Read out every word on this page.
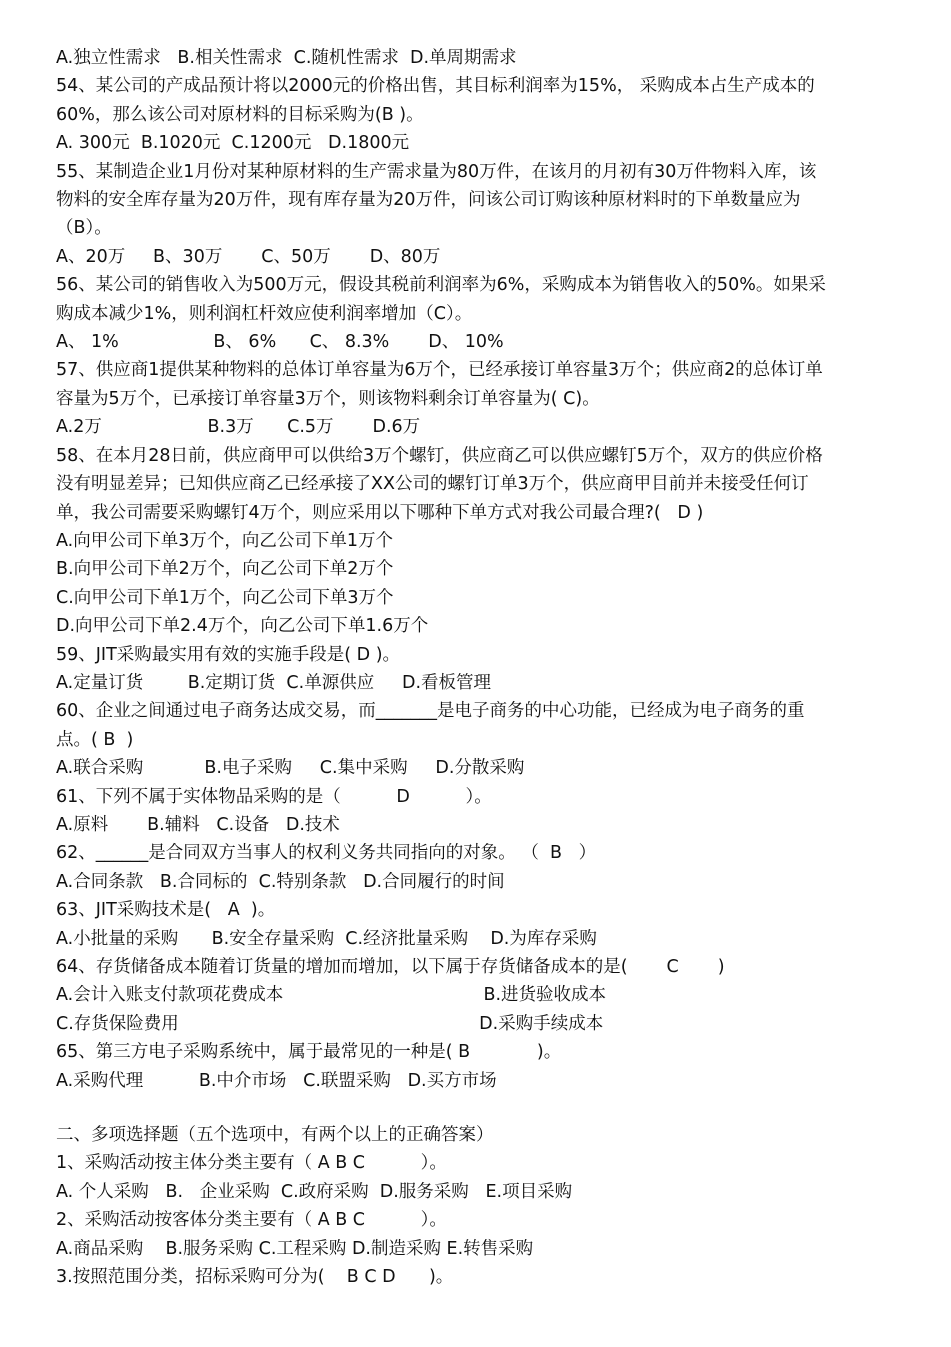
A.独立性需求   B.相关性需求  C.随机性需求  D.单周期需求

54、某公司的产成品预计将以2000元的价格出售，其目标利润率为15%， 采购成本占生产成本的

60%，那么该公司对原材料的目标采购为(B )。

A. 300元  B.1020元  C.1200元   D.1800元

55、某制造企业1月份对某种原材料的生产需求量为80万件，在该月的月初有30万件物料入库，该

物料的安全库存量为20万件，现有库存量为20万件，问该公司订购该种原材料时的下单数量应为

（B）。

A、20万     B、30万       C、50万       D、80万

56、某公司的销售收入为500万元，假设其税前利润率为6%，采购成本为销售收入的50%。如果采

购成本减少1%，则利润杠杆效应使利润率增加（C）。

A、 1%                 B、 6%      C、 8.3%       D、 10%

57、供应商1提供某种物料的总体订单容量为6万个，已经承接订单容量3万个；供应商2的总体订单

容量为5万个，已承接订单容量3万个，则该物料剩余订单容量为( C)。

A.2万                   B.3万      C.5万       D.6万

58、在本月28日前，供应商甲可以供给3万个螺钉，供应商乙可以供应螺钉5万个，双方的供应价格

没有明显差异；已知供应商乙已经承接了XX公司的螺钉订单3万个，供应商甲目前并未接受任何订

单，我公司需要采购螺钉4万个，则应采用以下哪种下单方式对我公司最合理?(   D )

A.向甲公司下单3万个，向乙公司下单1万个

B.向甲公司下单2万个，向乙公司下单2万个

C.向甲公司下单1万个，向乙公司下单3万个

D.向甲公司下单2.4万个，向乙公司下单1.6万个

59、JIT采购最实用有效的实施手段是( D )。

A.定量订货        B.定期订货  C.单源供应     D.看板管理

60、企业之间通过电子商务达成交易，而_______是电子商务的中心功能，已经成为电子商务的重

点。( B  )

A.联合采购           B.电子采购     C.集中采购     D.分散采购

61、下列不属于实体物品采购的是（          D          ）。

A.原料       B.辅料   C.设备   D.技术

62、______是合同双方当事人的权利义务共同指向的对象。 （  B   ）

A.合同条款   B.合同标的  C.特别条款   D.合同履行的时间

63、JIT采购技术是(   A  )。

A.小批量的采购      B.安全存量采购  C.经济批量采购    D.为库存采购

64、存货储备成本随着订货量的增加而增加，以下属于存货储备成本的是(       C       )

A.会计入账支付款项花费成本                                    B.进货验收成本

C.存货保险费用                                                      D.采购手续成本

65、第三方电子采购系统中，属于最常见的一种是( B            )。

A.采购代理          B.中介市场   C.联盟采购   D.买方市场

二、多项选择题（五个选项中，有两个以上的正确答案）

1、采购活动按主体分类主要有（ A B C          ）。

A. 个人采购   B.   企业采购  C.政府采购  D.服务采购   E.项目采购

2、采购活动按客体分类主要有（ A B C          ）。

A.商品采购    B.服务采购 C.工程采购 D.制造采购 E.转售采购

3.按照范围分类，招标采购可分为(    B C D      )。
